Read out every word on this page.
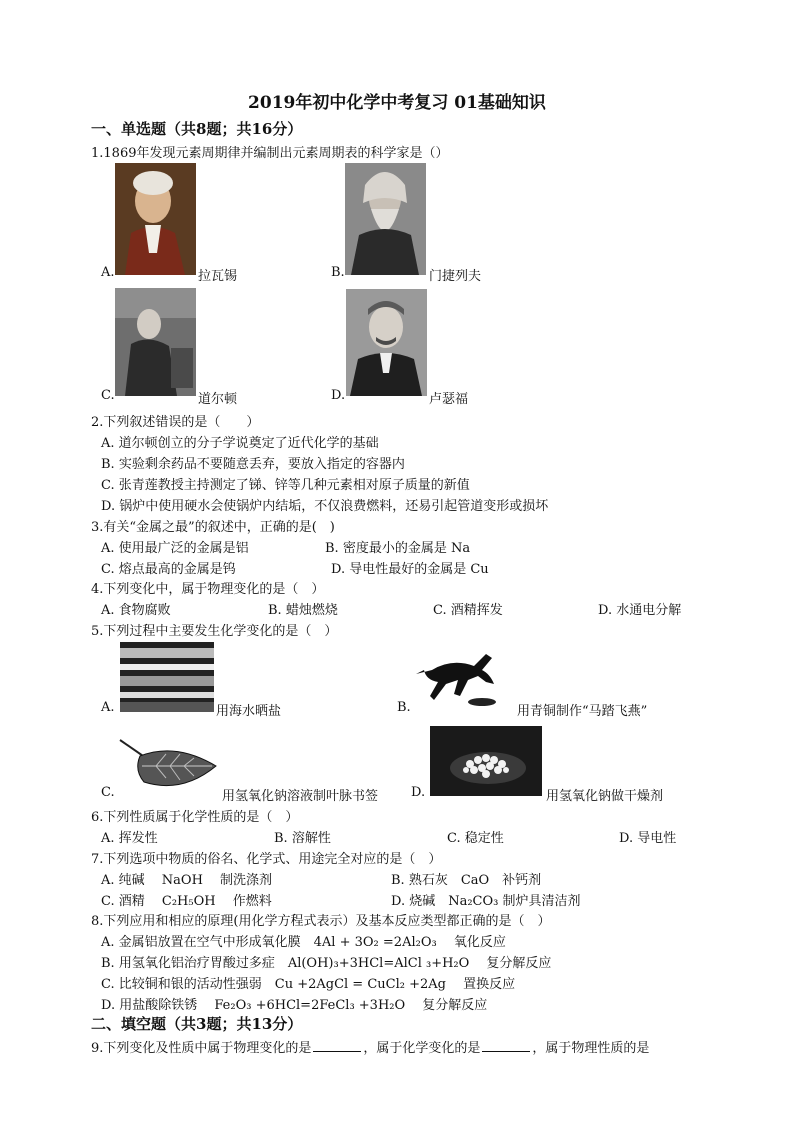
2019年初中化学中考复习 01基础知识
一、单选题（共8题；共16分）
1.1869年发现元素周期律并编制出元素周期表的科学家是（）
A.	拉瓦锡	B.	门捷列夫
C.	道尔顿	D.	卢瑟福
2.下列叙述错误的是（　　）
A. 道尔顿创立的分子学说奠定了近代化学的基础
B. 实验剩余药品不要随意丢弃，要放入指定的容器内
C. 张青莲教授主持测定了锑、锌等几种元素相对原子质量的新值
D. 锅炉中使用硬水会使锅炉内结垢，不仅浪费燃料，还易引起管道变形或损坏
3.有关“金属之最”的叙述中，正确的是(　)
A. 使用最广泛的金属是铝	B. 密度最小的金属是 Na
C. 熔点最高的金属是钨	D. 导电性最好的金属是 Cu
4.下列变化中，属于物理变化的是（　）
A. 食物腐败	B. 蜡烛燃烧	C. 酒精挥发	D. 水通电分解
5.下列过程中主要发生化学变化的是（　）
A.	用海水晒盐	B.	用青铜制作“马踏飞燕”
C.	用氢氧化钠溶液制叶脉书签	D.	用氢氧化钠做干燥剂
6.下列性质属于化学性质的是（　）
A. 挥发性	B. 溶解性	C. 稳定性	D. 导电性
7.下列选项中物质的俗名、化学式、用途完全对应的是（　）
A. 纯碱　 NaOH　 制洗涤剂	B. 熟石灰　CaO　补钙剂
C. 酒精　 C₂H₅OH　 作燃料	D. 烧碱　Na₂CO₃ 制炉具清洁剂
8.下列应用和相应的原理(用化学方程式表示）及基本反应类型都正确的是（　）
A. 金属铝放置在空气中形成氧化膜　4Al + 3O₂ =2Al₂O₃　 氧化反应
B. 用氢氧化铝治疗胃酸过多症　Al(OH)₃+3HCl=AlCl ₃+H₂O　 复分解反应
C. 比较铜和银的活动性强弱　Cu +2AgCl = CuCl₂ +2Ag　 置换反应
D. 用盐酸除铁锈　 Fe₂O₃ +6HCl=2FeCl₃ +3H₂O　 复分解反应
二、填空题（共3题；共13分）
9.下列变化及性质中属于物理变化的是	，属于化学变化的是	，属于物理性质的是
